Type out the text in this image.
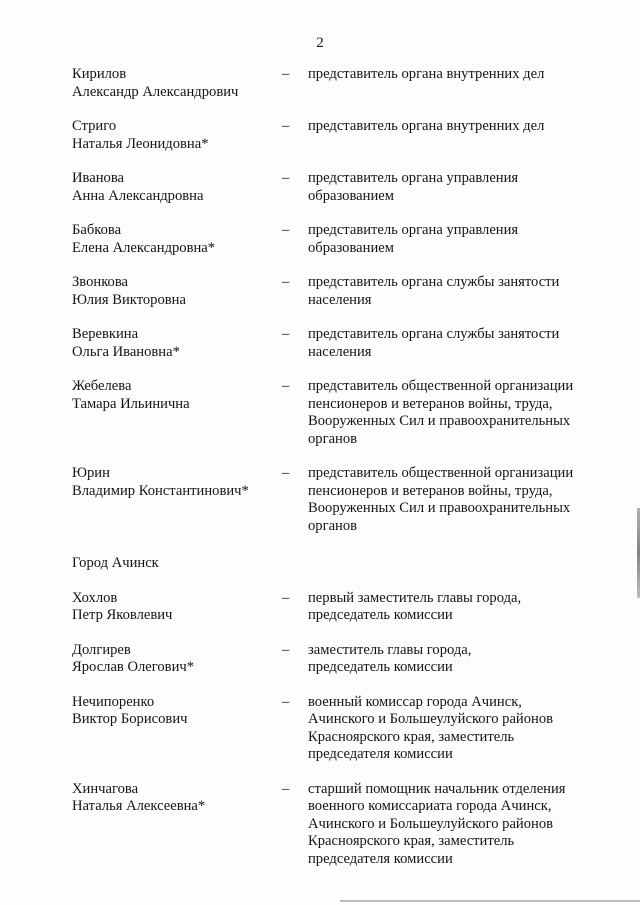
2
Кирилов
Александр Александрович
–	представитель органа внутренних дел
Стриго
Наталья Леонидовна*
–	представитель органа внутренних дел
Иванова
Анна Александровна
–	представитель органа управления
образованием
Бабкова
Елена Александровна*
–	представитель органа управления
образованием
Звонкова
Юлия Викторовна
–	представитель органа службы занятости
населения
Веревкина
Ольга Ивановна*
–	представитель органа службы занятости
населения
Жебелева
Тамара Ильинична
–	представитель общественной организации
пенсионеров и ветеранов войны, труда,
Вооруженных Сил и правоохранительных
органов
Юрин
Владимир Константинович*
–	представитель общественной организации
пенсионеров и ветеранов войны, труда,
Вооруженных Сил и правоохранительных
органов
Город Ачинск
Хохлов
Петр Яковлевич
–	первый заместитель главы города,
председатель комиссии
Долгирев
Ярослав Олегович*
–	заместитель главы города,
председатель комиссии
Нечипоренко
Виктор Борисович
–	военный комиссар города Ачинск,
Ачинского и Большеулуйского районов
Красноярского края, заместитель
председателя комиссии
Хинчагова
Наталья Алексеевна*
–	старший помощник начальник отделения
военного комиссариата города Ачинск,
Ачинского и Большеулуйского районов
Красноярского края, заместитель
председателя комиссии
